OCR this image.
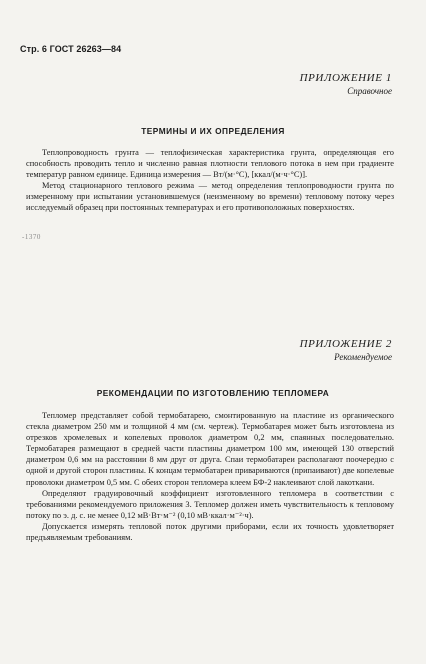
Стр. 6 ГОСТ 26263—84
ПРИЛОЖЕНИЕ 1
Справочное
ТЕРМИНЫ И ИХ ОПРЕДЕЛЕНИЯ

Теплопроводность грунта — теплофизическая характеристика грунта, определяющая его способность проводить тепло и численно равная плотности теплового потока в нем при градиенте температур равном единице. Единица измерения — Вт/(м·°С), [ккал/(м·ч·°С)].

Метод стационарного теплового режима — метод определения теплопроводности грунта по измеренному при испытании установившемуся (неизменному во времени) тепловому потоку через исследуемый образец при постоянных температурах и его противоположных поверхностях.

-1370
ПРИЛОЖЕНИЕ 2
Рекомендуемое
РЕКОМЕНДАЦИИ ПО ИЗГОТОВЛЕНИЮ ТЕПЛОМЕРА

Тепломер представляет собой термобатарею, смонтированную на пластине из органического стекла диаметром 250 мм и толщиной 4 мм (см. чертеж). Термобатарея может быть изготовлена из отрезков хромелевых и копелевых проволок диаметром 0,2 мм, спаянных последовательно. Термобатарея размещают в средней части пластины диаметром 100 мм, имеющей 130 отверстий диаметром 0,6 мм на расстоянии 8 мм друг от друга. Спаи термобатареи располагают поочередно с одной и другой сторон пластины. К концам термобатареи привариваются (припаивают) две копелевые проволоки диаметром 0,5 мм. С обеих сторон тепломера клеем БФ-2 наклеивают слой лакоткани.

Определяют градуировочный коэффициент изготовленного тепломера в соответствии с требованиями рекомендуемого приложения 3. Тепломер должен иметь чувствительность к тепловому потоку по э. д. с. не менее 0,12 мВ·Вт·м⁻² (0,10 мВ·ккал·м⁻²·ч).

Допускается измерять тепловой поток другими приборами, если их точность удовлетворяет предъявляемым требованиям.
